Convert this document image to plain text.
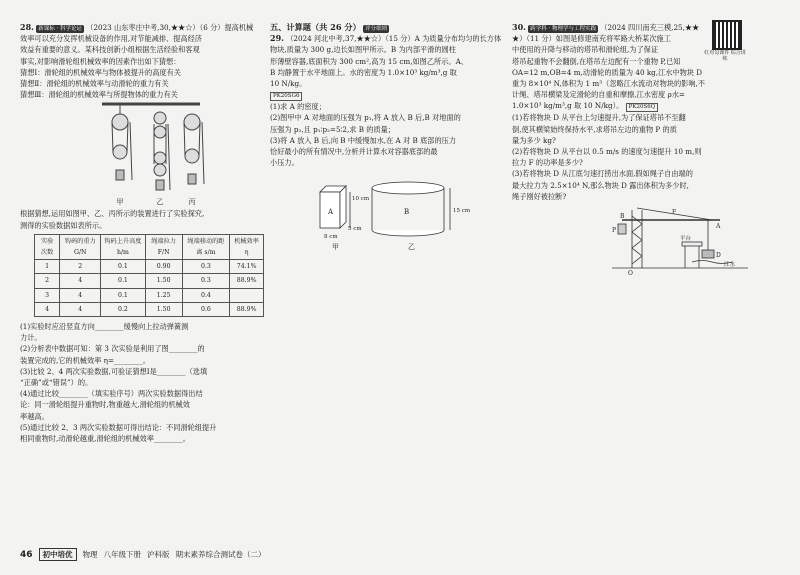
28. 新课标 · 科学论证 （2023 山东枣庄中考,30,★★☆）（6 分）提高机械

效率可以充分发挥机械设备的作用,对节能减排、提高经济

效益有重要的意义。某科技创新小组根据生活经验和客观

事实,对影响滑轮组机械效率的因素作出如下猜想：

猜想Ⅰ：滑轮组的机械效率与物体被提升的高度有关

猜想Ⅱ：滑轮组的机械效率与动滑轮的重力有关

猜想Ⅲ：滑轮组的机械效率与所提物体的重力有关

甲	乙	丙

根据猜想,运用如图甲、乙、丙所示的装置进行了实验探究,

测得的实验数据如表所示。

实验次数	钩码的重力 G/N	钩码上升高度 h/m	绳端拉力 F/N	绳端移动的距离 s/m	机械效率 η
1	2	0.1	0.90	0.3	74.1%
2	4	0.1	1.50	0.3	88.9%
3	4	0.1	1.25	0.4	
4	4	0.2	1.50	0.6	88.9%

(1)实验时应沿竖直方向________缓慢向上拉动弹簧测

力计。

(2)分析表中数据可知：第 3 次实验是利用了图________的

装置完成的,它的机械效率 η=________。

(3)比较 2、4 两次实验数据,可验证猜想Ⅰ是________（选填

“正确”或“错误”）的。

(4)通过比较________（填实验序号）两次实验数据得出结

论：同一滑轮组提升重物时,物重越大,滑轮组的机械效

率越高。

(5)通过比较 2、3 两次实验数据可得出结论：不同滑轮组提升

相同重物时,动滑轮越重,滑轮组的机械效率________。

五、计算题（共 26 分） 评分细则

29. （2024 河北中考,37,★★☆）（15 分）A 为质量分布均匀的长方体

物块,质量为 300 g,边长如图甲所示。B 为内部平滑的圆柱

形薄壁容器,底面积为 300 cm²,高为 15 cm,如图乙所示。A、

B 均静置于水平地面上。水的密度为 1.0×10³ kg/m³,g 取

10 N/kg。

PK20SG6

(1)求 A 的密度；

(2)图甲中 A 对地面的压强为 p₁,将 A 放入 B 后,B 对地面的

压强为 p₂,且 p₁∶p₂=5∶2,求 B 的质量；

(3)将 A 放入 B 后,向 B 中缓慢加水,在 A 对 B 底部的压力

恰好最小的所有情况中,分析并计算水对容器底部的最

小压力。

A	B
10 cm
5 cm
8 cm
15 cm
甲	乙

30. 跨学科 · 物理学与工程实践 （2024 四川南充三模,25,★★

★）（11 分）如图是修建南充将军路大桥某次施工

中使用的升降与移动的塔吊和滑轮组,为了保证

塔吊起重物不会翻倒,在塔吊左边配有一个重物 P,已知

OA=12 m,OB=4 m,动滑轮的质量为 40 kg,江水中物块 D

重为 8×10⁴ N,体积为 1 m³（忽略江水流动对物块的影响,不

计绳、塔吊横梁及定滑轮的自重和摩擦,江水密度 ρ水=

1.0×10³ kg/m³,g 取 10 N/kg）。 PK20S6Q

(1)若将物块 D 从平台上匀速提升,为了保证塔吊不至翻

倒,使其横梁始终保持水平,求塔吊左边的重物 P 的质

量为多少 kg?

(2)若将物块 D 从平台以 0.5 m/s 的速度匀速提升 10 m,则

拉力 F 的功率是多少?

(3)若将物块 D 从江底匀速打捞出水面,假如绳子自由端的

最大拉力为 2.5×10⁴ N,那么物块 D 露出体积为多少时,

绳子刚好被拉断?

P
A
B
O
F
平台
D
江水
红对勾课件 综合讲练
46	初中培优	物理 八年级下册 沪科版 期末素养综合测试卷（二）
